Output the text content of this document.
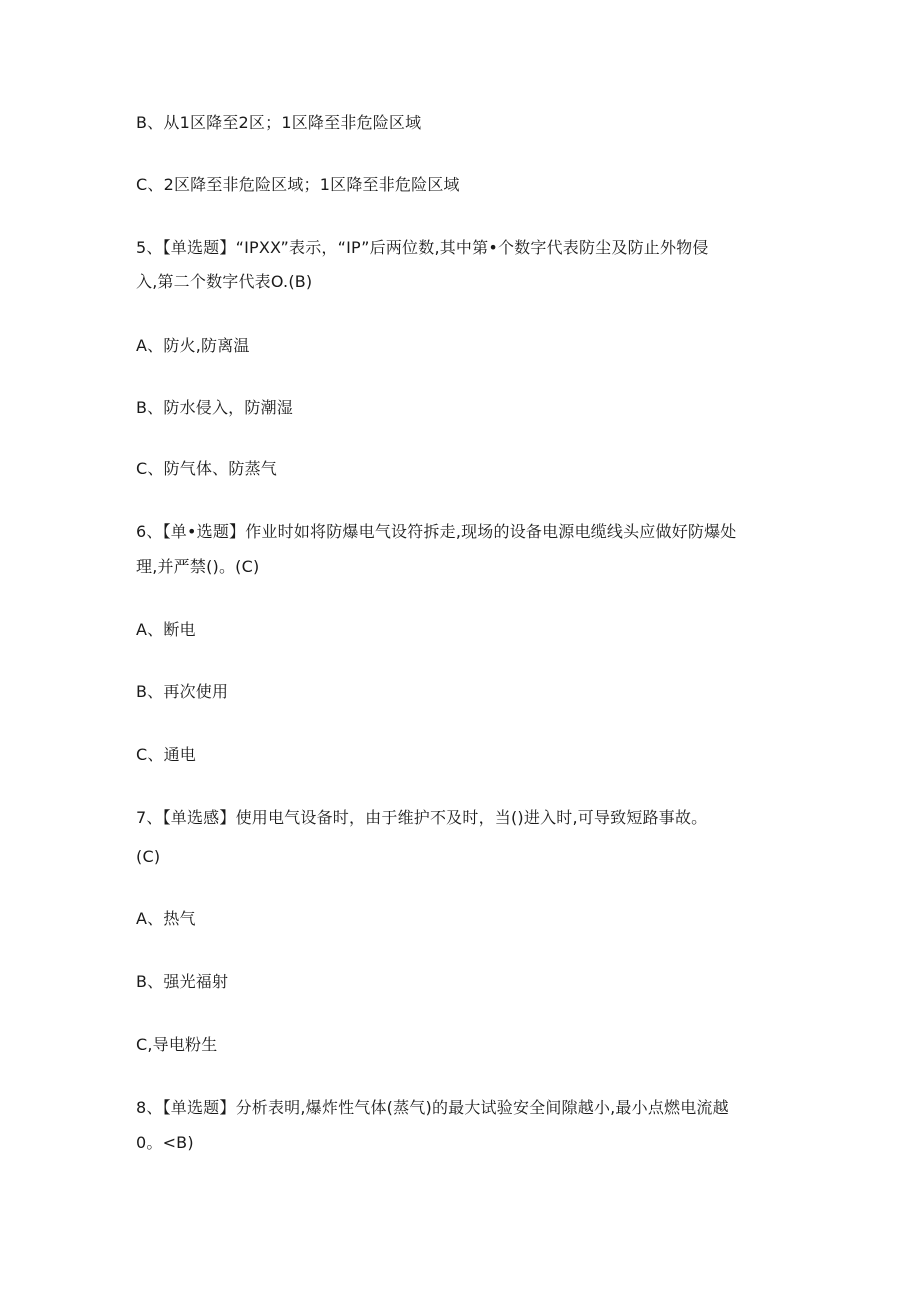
B、从1区降至2区；1区降至非危险区域
C、2区降至非危险区域；1区降至非危险区域
5、【单选题】“IPXX”表示，“IP”后两位数,其中第•个数字代表防尘及防止外物侵
入,第二个数字代表O.(B)
A、防火,防离温
B、防水侵入，防潮湿
C、防气体、防蒸气
6、【单•选题】作业时如将防爆电气设符拆走,现场的设备电源电缆线头应做好防爆处
理,并严禁()。(C)
A、断电
B、再次使用
C、通电
7、【单选感】使用电气设备时，由于维护不及时，当()进入时,可导致短路事故。
(C)
A、热气
B、强光福射
C,导电粉生
8、【单选题】分析表明,爆炸性气体(蒸气)的最大试验安全间隙越小,最小点燃电流越
0。<B)
